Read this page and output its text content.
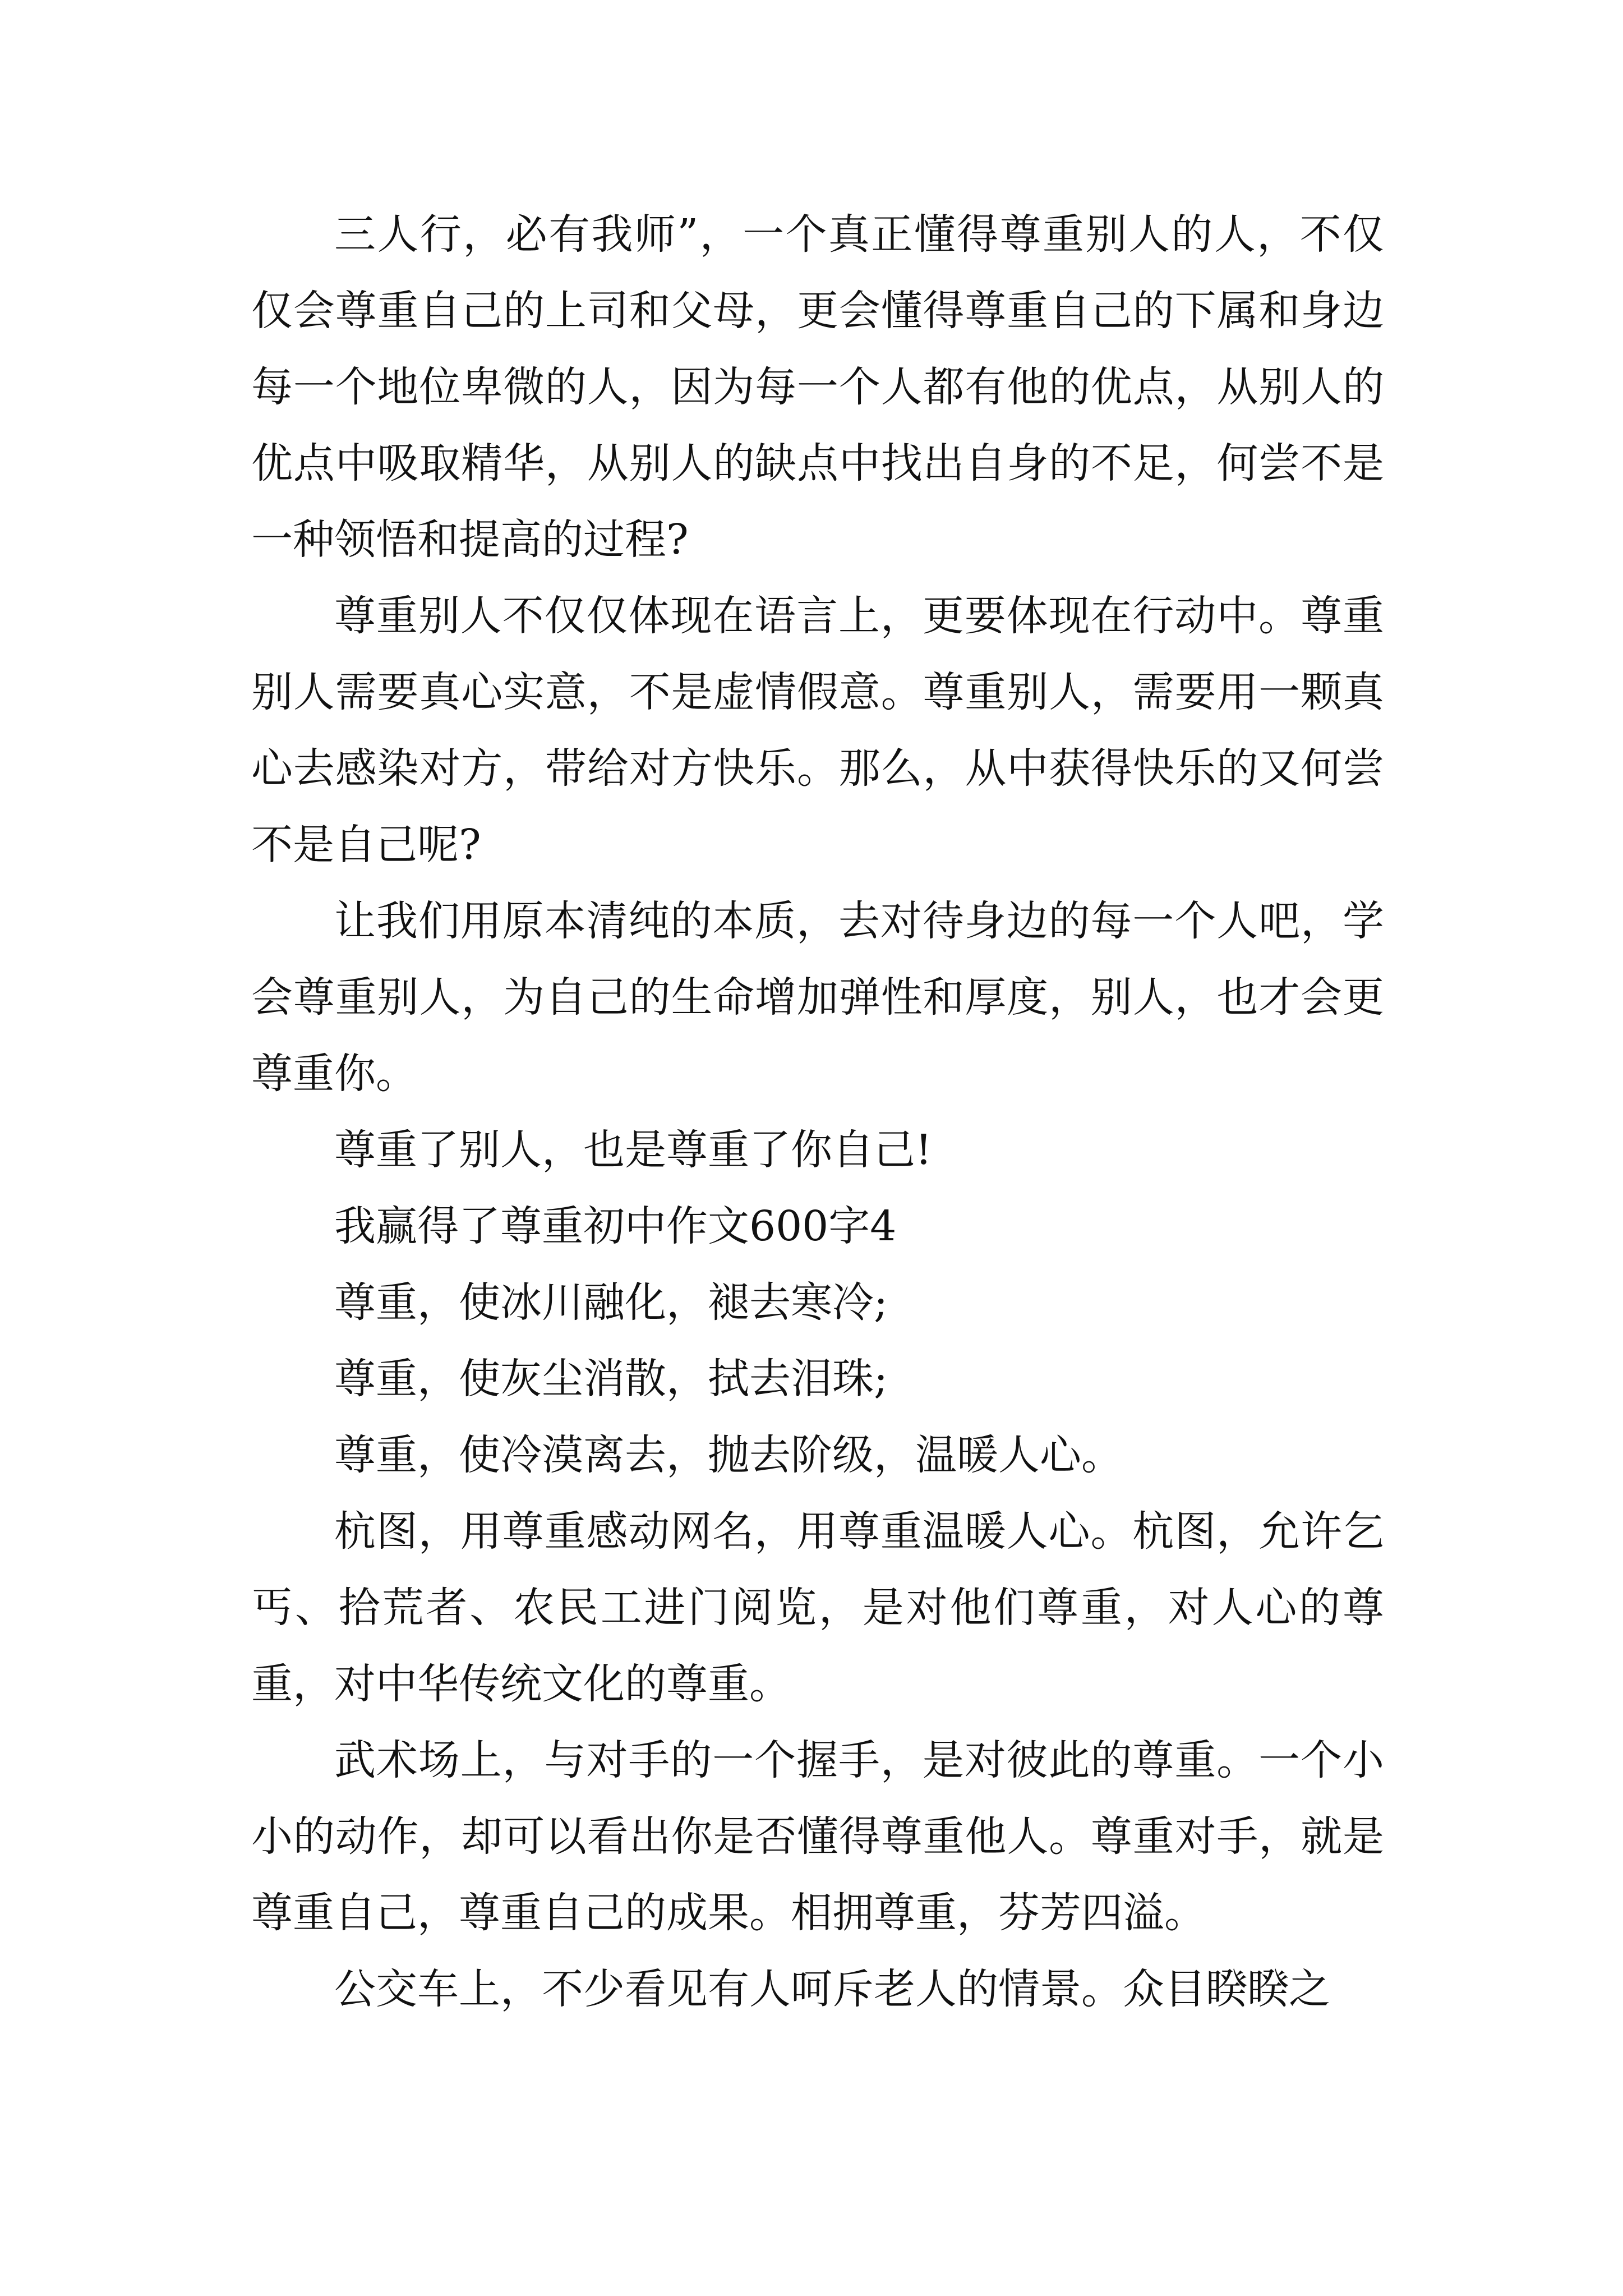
三人行，必有我师”，一个真正懂得尊重别人的人，不仅仅会尊重自己的上司和父母，更会懂得尊重自己的下属和身边每一个地位卑微的人，因为每一个人都有他的优点，从别人的优点中吸取精华，从别人的缺点中找出自身的不足，何尝不是一种领悟和提高的过程?

尊重别人不仅仅体现在语言上，更要体现在行动中。尊重别人需要真心实意，不是虚情假意。尊重别人，需要用一颗真心去感染对方，带给对方快乐。那么，从中获得快乐的又何尝不是自己呢?

让我们用原本清纯的本质，去对待身边的每一个人吧，学会尊重别人，为自己的生命增加弹性和厚度，别人，也才会更尊重你。

尊重了别人，也是尊重了你自己!

我赢得了尊重初中作文600字4

尊重，使冰川融化，褪去寒冷;

尊重，使灰尘消散，拭去泪珠;

尊重，使冷漠离去，抛去阶级，温暖人心。

杭图，用尊重感动网名，用尊重温暖人心。杭图，允许乞丐、拾荒者、农民工进门阅览，是对他们尊重，对人心的尊重，对中华传统文化的尊重。

武术场上，与对手的一个握手，是对彼此的尊重。一个小小的动作，却可以看出你是否懂得尊重他人。尊重对手，就是尊重自己，尊重自己的成果。相拥尊重，芬芳四溢。

公交车上，不少看见有人呵斥老人的情景。众目睽睽之
